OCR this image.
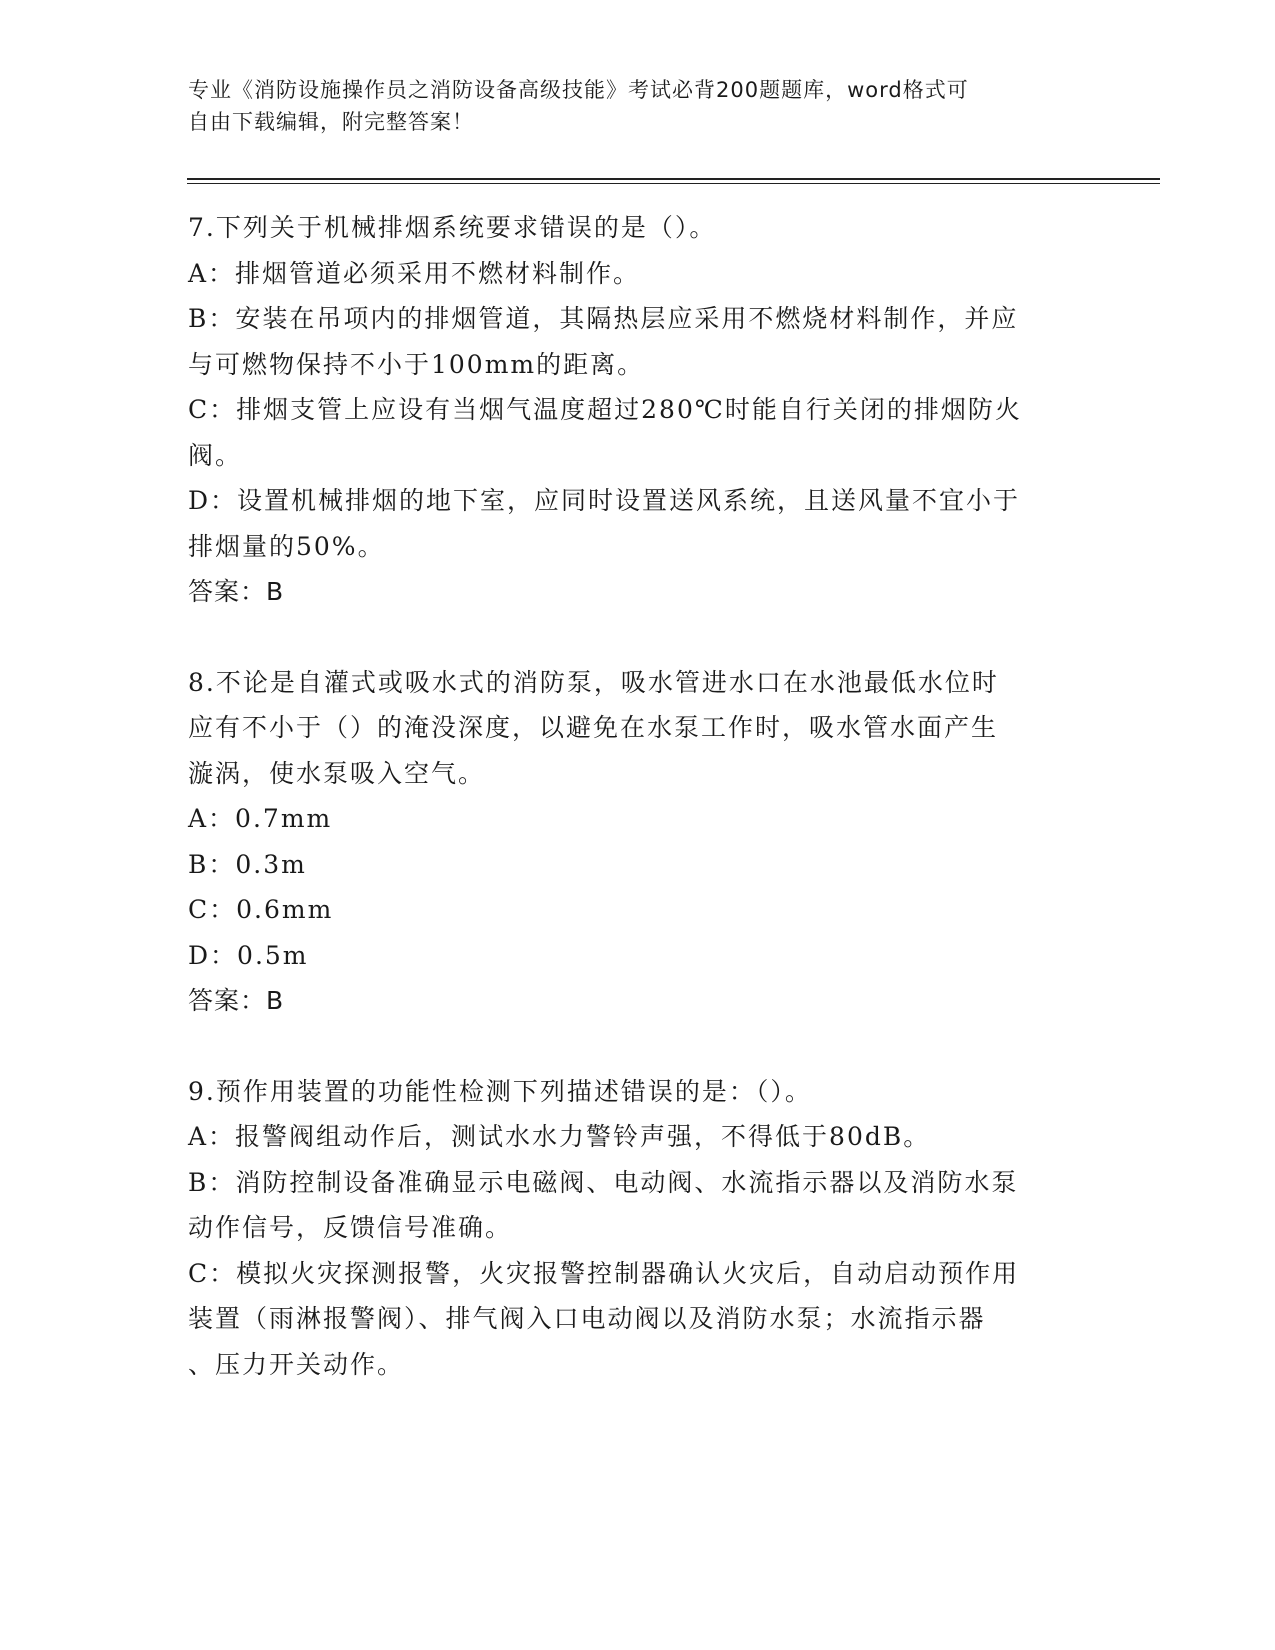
专业《消防设施操作员之消防设备高级技能》考试必背200题题库，word格式可
自由下载编辑，附完整答案！

7.下列关于机械排烟系统要求错误的是（）。

A：排烟管道必须采用不燃材料制作。

B：安装在吊项内的排烟管道，其隔热层应采用不燃烧材料制作，并应

与可燃物保持不小于100mm的距离。

C：排烟支管上应设有当烟气温度超过280℃时能自行关闭的排烟防火

阀。

D：设置机械排烟的地下室，应同时设置送风系统，且送风量不宜小于

排烟量的50%。

答案：B

8.不论是自灌式或吸水式的消防泵，吸水管进水口在水池最低水位时

应有不小于（）的淹没深度，以避免在水泵工作时，吸水管水面产生

漩涡，使水泵吸入空气。

A：0.7mm

B：0.3m

C：0.6mm

D：0.5m

答案：B

9.预作用装置的功能性检测下列描述错误的是：（）。

A：报警阀组动作后，测试水水力警铃声强，不得低于80dB。

B：消防控制设备准确显示电磁阀、电动阀、水流指示器以及消防水泵

动作信号，反馈信号准确。

C：模拟火灾探测报警，火灾报警控制器确认火灾后，自动启动预作用

装置（雨淋报警阀）、排气阀入口电动阀以及消防水泵；水流指示器

、压力开关动作。
